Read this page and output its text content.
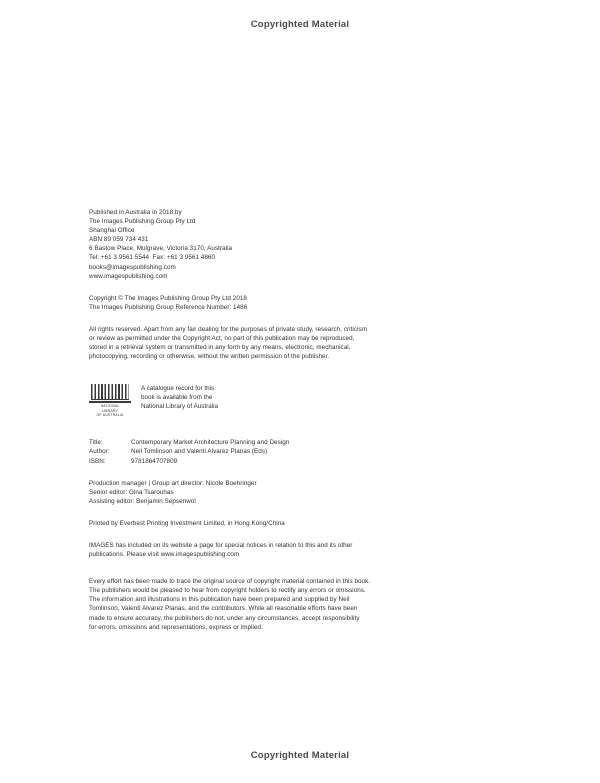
Copyrighted Material
Published in Australia in 2018 by
The Images Publishing Group Pty Ltd
Shanghai Office
ABN 89 059 734 431
6 Bastow Place, Mulgrave, Victoria 3170, Australia
Tel: +61 3 9561 5544  Fax: +61 3 9561 4860
books@imagespublishing.com
www.imagespublishing.com
Copyright © The Images Publishing Group Pty Ltd 2018
The Images Publishing Group Reference Number: 1486
All rights reserved. Apart from any fair dealing for the purposes of private study, research, criticism
or review as permitted under the Copyright Act, no part of this publication may be reproduced,
stored in a retrieval system or transmitted in any form by any means, electronic, mechanical,
photocopying, recording or otherwise, without the written permission of the publisher.
NATIONAL
LIBRARY
OF AUSTRALIA
A catalogue record for this
book is available from the
National Library of Australia
Title:	Contemporary Market Architecture Planning and Design
Author:	Neil Tomlinson and Valenti Alvarez Planas (Eds)
ISBN:	9781864707809
Production manager | Group art director: Nicole Boehringer
Senior editor: Gina Tsarouhas
Assisting editor: Benjamin Sepsenwol
Printed by Everbest Printing Investment Limited, in Hong Kong/China
IMAGES has included on its website a page for special notices in relation to this and its other
publications. Please visit www.imagespublishing.com
Every effort has been made to trace the original source of copyright material contained in this book.
The publishers would be pleased to hear from copyright holders to rectify any errors or omissions.
The information and illustrations in this publication have been prepared and supplied by Neil
Tomlinson, Valenti Alvarez Planas, and the contributors. While all reasonable efforts have been
made to ensure accuracy, the publishers do not, under any circumstances, accept responsibility
for errors, omissions and representations, express or implied.
Copyrighted Material
